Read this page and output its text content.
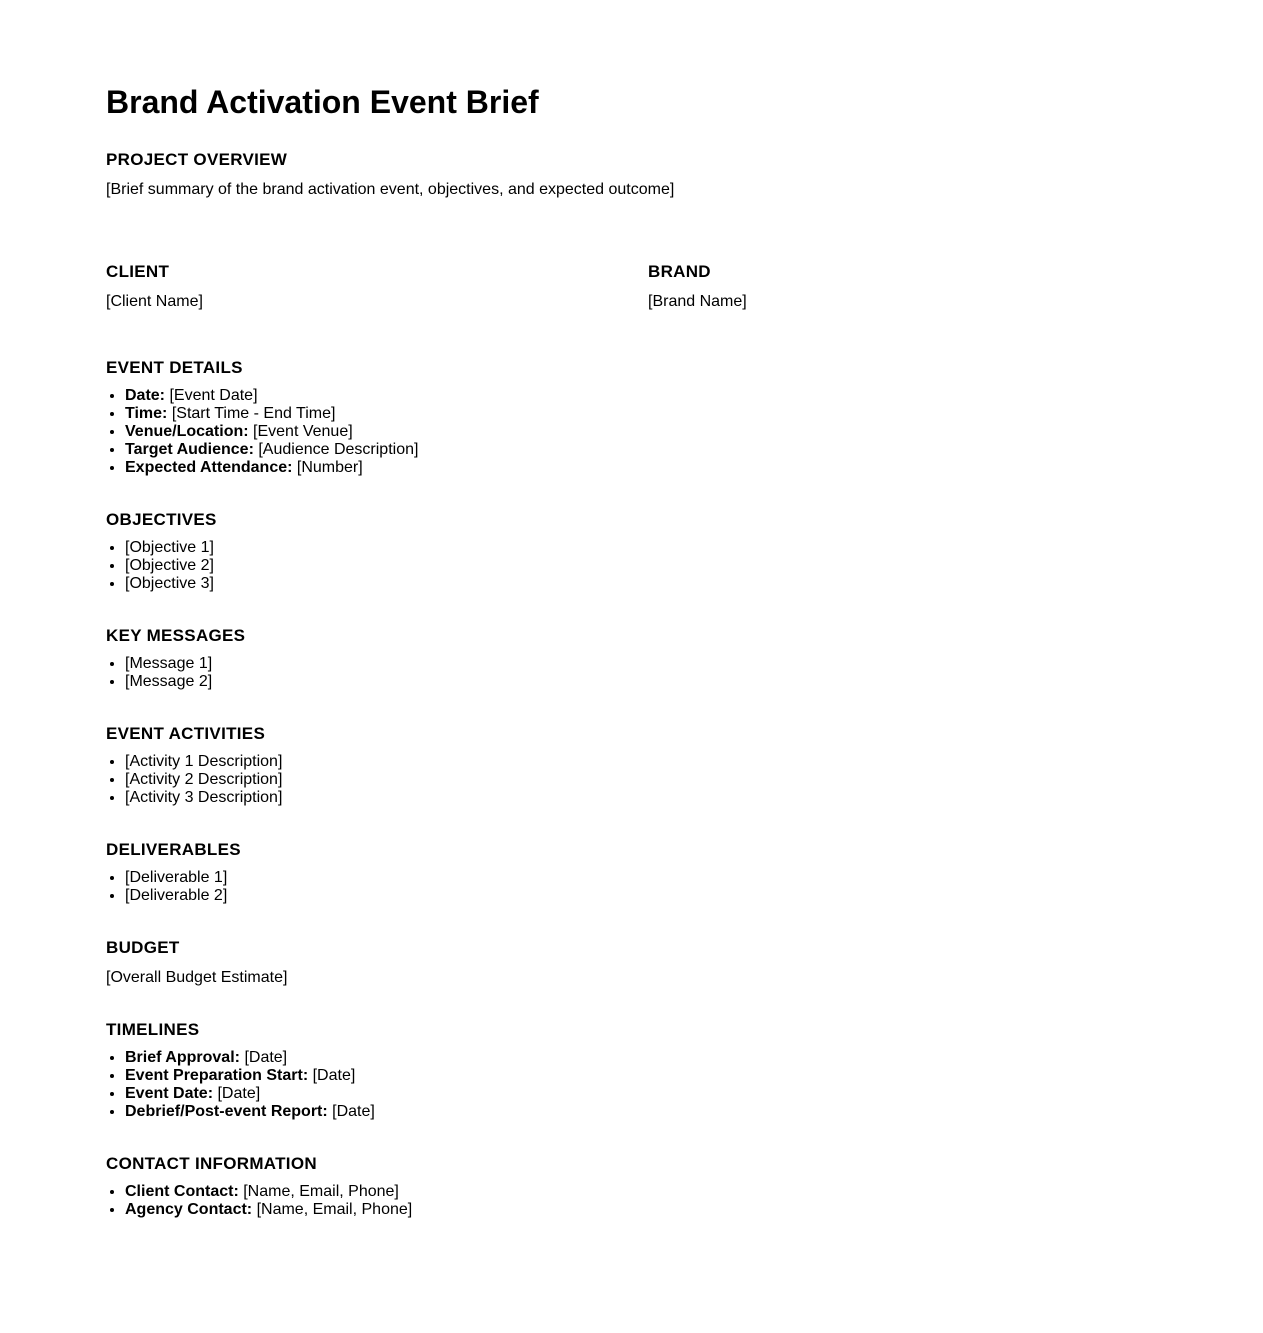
Brand Activation Event Brief
PROJECT OVERVIEW

[Brief summary of the brand activation event, objectives, and expected outcome]

CLIENT

[Client Name]

BRAND

[Brand Name]

EVENT DETAILS
• Date: [Event Date]
• Time: [Start Time - End Time]
• Venue/Location: [Event Venue]
• Target Audience: [Audience Description]
• Expected Attendance: [Number]
OBJECTIVES
• [Objective 1]
• [Objective 2]
• [Objective 3]
KEY MESSAGES
• [Message 1]
• [Message 2]
EVENT ACTIVITIES
• [Activity 1 Description]
• [Activity 2 Description]
• [Activity 3 Description]
DELIVERABLES
• [Deliverable 1]
• [Deliverable 2]
BUDGET

[Overall Budget Estimate]

TIMELINES
• Brief Approval: [Date]
• Event Preparation Start: [Date]
• Event Date: [Date]
• Debrief/Post-event Report: [Date]
CONTACT INFORMATION
• Client Contact: [Name, Email, Phone]
• Agency Contact: [Name, Email, Phone]
